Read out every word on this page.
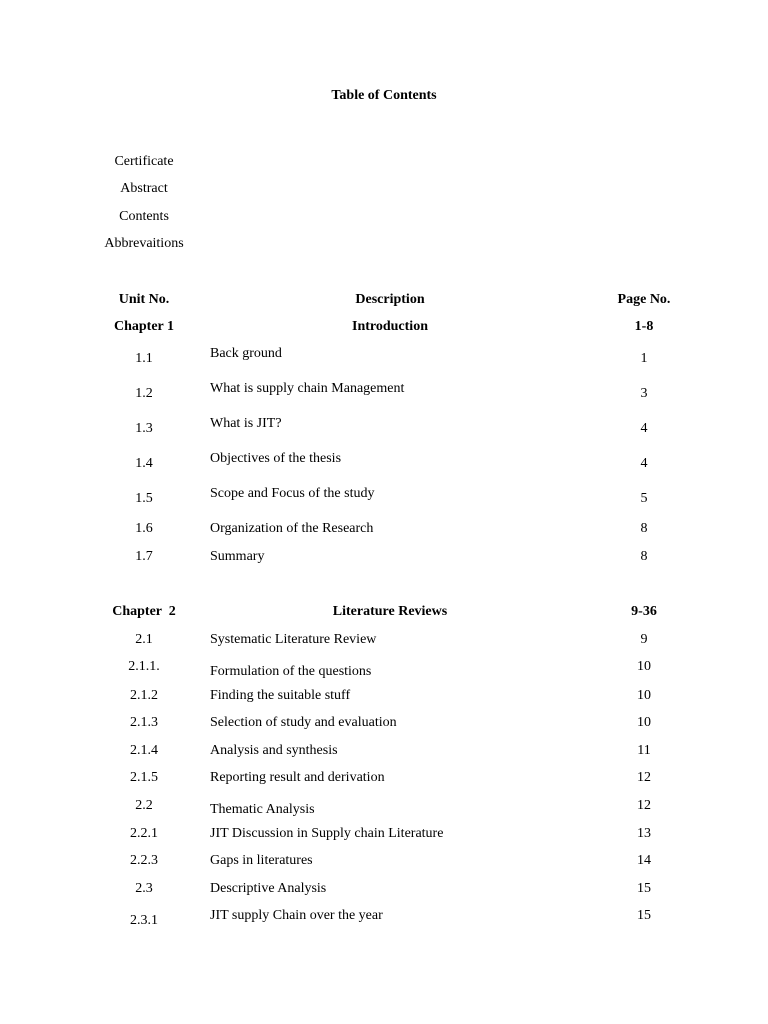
Table of Contents
Certificate
Abstract
Contents
Abbrevaitions
Unit No.	Description	Page No.
Chapter 1	Introduction	1-8
1.1	Back ground	1
1.2	What is supply chain Management	3
1.3	What is JIT?	4
1.4	Objectives of the thesis	4
1.5	Scope and Focus of the study	5
1.6	Organization of the Research	8
1.7	Summary	8
Chapter  2	Literature Reviews	9-36
2.1	Systematic Literature Review	9
2.1.1.	Formulation of the questions	10
2.1.2	Finding the suitable stuff	10
2.1.3	Selection of study and evaluation	10
2.1.4	Analysis and synthesis	11
2.1.5	Reporting result and derivation	12
2.2	Thematic Analysis	12
2.2.1	JIT Discussion in Supply chain Literature	13
2.2.3	Gaps in literatures	14
2.3	Descriptive Analysis	15
2.3.1	JIT supply Chain over the year	15
